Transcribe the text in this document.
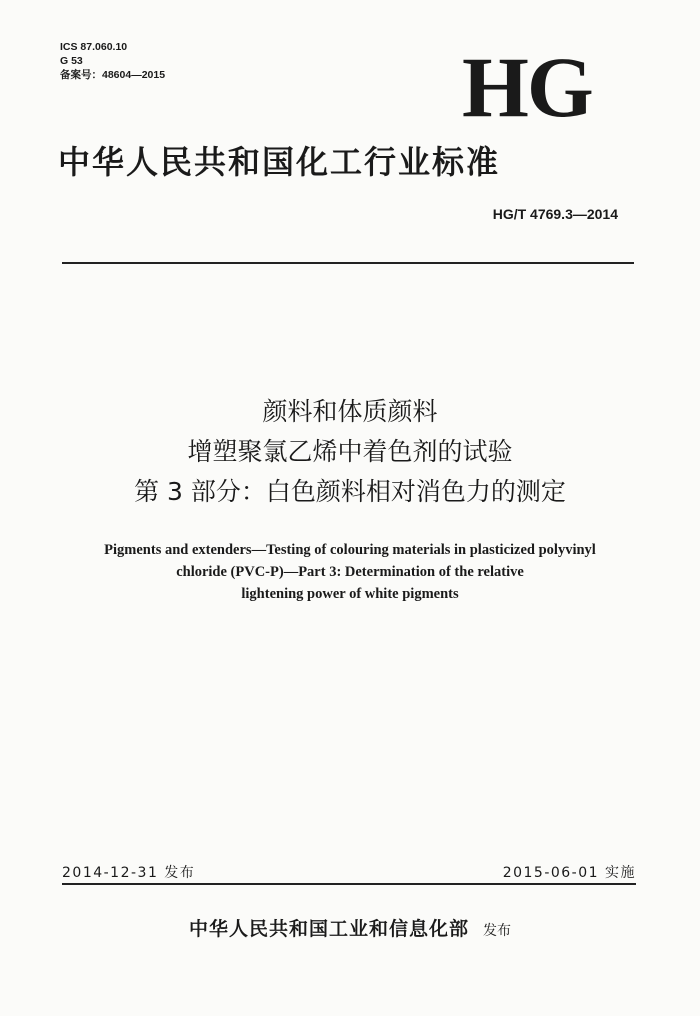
ICS 87.060.10
G 53
备案号：48604—2015	HG
中华人民共和国化工行业标准
HG/T 4769.3—2014
颜料和体质颜料
增塑聚氯乙烯中着色剂的试验
第 3 部分：白色颜料相对消色力的测定
Pigments and extenders—Testing of colouring materials in plasticized polyvinyl
chloride (PVC-P)—Part 3: Determination of the relative
lightening power of white pigments
2014-12-31 发布	2015-06-01 实施
中华人民共和国工业和信息化部 发布
